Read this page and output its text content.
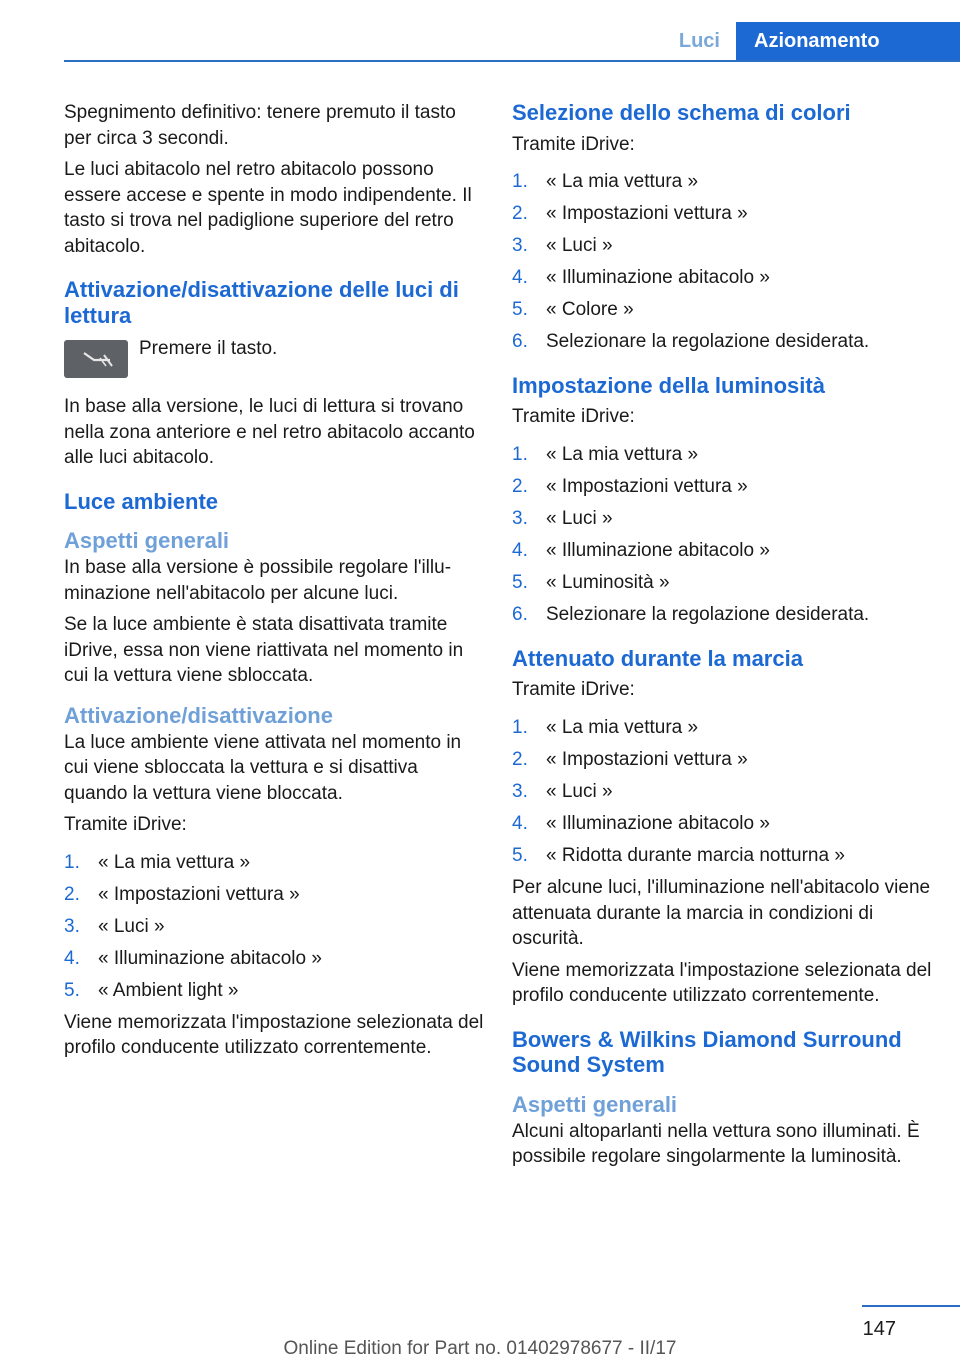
Luci	Azionamento

Spegnimento definitivo: tenere premuto il tasto per circa 3 secondi.

Le luci abitacolo nel retro abitacolo possono essere accese e spente in modo indipendente. Il tasto si trova nel padiglione superiore del retro abitacolo.

Attivazione/disattivazione delle luci di lettura
Premere il tasto.

In base alla versione, le luci di lettura si trovano nella zona anteriore e nel retro abitacolo accanto alle luci abitacolo.

Luce ambiente
Aspetti generali

In base alla versione è possibile regolare l'illuminazione nell'abitacolo per alcune luci.

Se la luce ambiente è stata disattivata tramite iDrive, essa non viene riattivata nel momento in cui la vettura viene sbloccata.

Attivazione/disattivazione

La luce ambiente viene attivata nel momento in cui viene sbloccata la vettura e si disattiva quando la vettura viene bloccata.

Tramite iDrive:

1. « La mia vettura »
2. « Impostazioni vettura »
3. « Luci »
4. « Illuminazione abitacolo »
5. « Ambient light »

Viene memorizzata l'impostazione selezionata del profilo conducente utilizzato correntemente.

Selezione dello schema di colori

Tramite iDrive:

1. « La mia vettura »
2. « Impostazioni vettura »
3. « Luci »
4. « Illuminazione abitacolo »
5. « Colore »
6. Selezionare la regolazione desiderata.
Impostazione della luminosità

Tramite iDrive:

1. « La mia vettura »
2. « Impostazioni vettura »
3. « Luci »
4. « Illuminazione abitacolo »
5. « Luminosità »
6. Selezionare la regolazione desiderata.
Attenuato durante la marcia

Tramite iDrive:

1. « La mia vettura »
2. « Impostazioni vettura »
3. « Luci »
4. « Illuminazione abitacolo »
5. « Ridotta durante marcia notturna »

Per alcune luci, l'illuminazione nell'abitacolo viene attenuata durante la marcia in condizioni di oscurità.

Viene memorizzata l'impostazione selezionata del profilo conducente utilizzato correntemente.

Bowers & Wilkins Diamond Surround Sound System
Aspetti generali

Alcuni altoparlanti nella vettura sono illuminati. È possibile regolare singolarmente la luminosità.

147
Online Edition for Part no. 01402978677 - II/17
